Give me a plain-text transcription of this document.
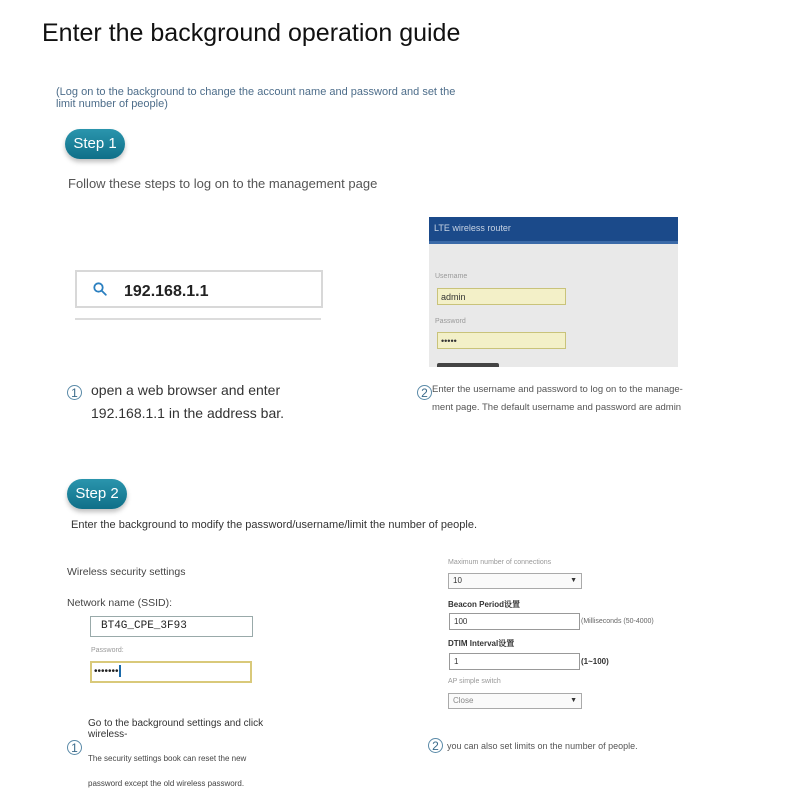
Enter the background operation guide
(Log on to the background to change the account name and password and set the limit number of people)
Step 1
Follow these steps to log on to the management page
192.168.1.1
LTE wireless router
Username
admin
Password
•••••
1 open a web browser and enter 192.168.1.1 in the address bar.
2 Enter the username and password to log on to the manage-
ment page. The default username and password are admin
Step 2
Enter the background to modify the password/username/limit the number of people.
Wireless security settings
Network name (SSID):
BT4G_CPE_3F93
Password:
•••••••
Go to the background settings and click wireless-
1
The security settings book can reset the new
password except the old wireless password.
Maximum number of connections
10	▼
Beacon Period设置
100	(Milliseconds (50-4000)
DTIM Interval设置
1	(1~100)
AP simple switch
Close	▼
2 you can also set limits on the number of people.
